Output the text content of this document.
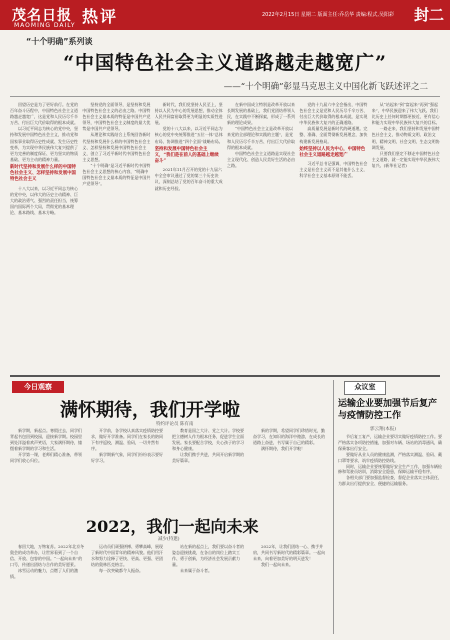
茂名日报
MAOMING DAILY 热评	2022年2月15日 星期二 版面主任:乔岳华 责编:程式,吴阳彩 封二
“十个明确”系列谈
“中国特色社会主义道路越走越宽广”
——“十个明确”彰显马克思主义中国化新飞跃述评之二

回望历史是为了更好前行。在党的百年奋斗历程中，中国特色社会主义道路越走越宽广，这是党和人民历尽千辛万苦、付出巨大代价取得的根本成就。

以习近平同志为核心的党中央，坚持和发展中国特色社会主义，推动党和国家事业取得历史性成就、发生历史性变革，为实现中华民族伟大复兴提供了更为完善的制度保证、更为坚实的物质基础、更为主动的精神力量。

新时代坚持和发展什么样的中国特色社会主义、怎样坚持和发展中国特色社会主义

十八大以来，以习近平同志为核心的党中央，以伟大的历史主动精神、巨大的政治勇气、强烈的责任担当，统筹国内国际两个大局，贯彻党的基本理论、基本路线、基本方略。

坚持党的全面领导，是坚持和发展中国特色社会主义的必由之路。中国特色社会主义最本质的特征是中国共产党领导，中国特色社会主义制度的最大优势是中国共产党领导。

从理论和实践结合上系统回答新时代坚持和发展什么样的中国特色社会主义、怎样坚持和发展中国特色社会主义，创立了习近平新时代中国特色社会主义思想。

“十个明确”是习近平新时代中国特色社会主义思想的核心内容，“明确中国特色社会主义最本质的特征是中国共产党领导”。

新时代，我们党坚持人民至上，坚持以人民为中心的发展思想，推动全体人民共同富裕取得更为明显的实质性进展。

党的十八大以来，以习近平同志为核心的党中央统筹推进“五位一体”总体布局、协调推进“四个全面”战略布局。

坚持和发展中国特色社会主义，“我们是在前人的基础上继续奋斗”

2021年11月召开的党的十九届六中全会审议通过了党的第三个历史决议，深刻总结了党的百年奋斗的重大成就和历史经验。

在新中国成立特别是改革开放以来长期发展的基础上，我们党团结带领人民，在实践中不断探索，形成了一系列新的理论成果。

“中国特色社会主义是改革开放以来党的全部理论和实践的主题”，是党和人民历尽千辛万苦、付出巨大代价取得的根本成就。

中国特色社会主义道路是实现社会主义现代化、创造人民美好生活的必由之路。

党的十九届六中全会指出，中国特色社会主义是党和人民历尽千辛万苦、付出巨大代价取得的根本成就，是实现中华民族伟大复兴的正确道路。

高质量发展是新时代的硬道理。完整、准确、全面贯彻新发展理念，加快构建新发展格局。

始终坚持以人民为中心，中国特色社会主义道路越走越宽广

习近平总书记强调，中国特色社会主义是社会主义而不是其他什么主义，科学社会主义基本原则不能丢。

从“站起来”到“富起来”再到“强起来”，中华民族迎来了伟大飞跃。我们比历史上任何时期都更接近、更有信心和能力实现中华民族伟大复兴的目标。

一路走来，我们坚持和发展中国特色社会主义，推动物质文明、政治文明、精神文明、社会文明、生态文明协调发展。

只要我们坚定不移走中国特色社会主义道路，就一定能实现中华民族伟大复兴。(新华社记者)

今日观察
满怀期待，我们开学啦
特约评论员 陈有南

新学期，新起点。寒假过去，同学们背起书包回到校园，迎接新学期。校园里到处洋溢着欢声笑语，大家满怀期待，憧憬着新学期的学习和生活。

开学第一课，老师们精心准备，带领同学们收心归位。

开学前，各学校认真落实疫情防控要求，做好开学准备。同学们在家长的陪同下有序返校，测温、验码，一切井然有序。

新学期新气象，同学们纷纷表示要好好学习。

教育是国之大计、党之大计。学校要把立德树人作为根本任务，促进学生全面发展。家长要配合学校，关心孩子的学习和身心健康。

让我们携手共进，共同开启新学期的美好篇章。

新的学期，希望同学们珍惜时光，勤奋学习，在知识的海洋中遨游，在成长的道路上奋进，书写属于自己的精彩。

满怀期待，我们开学啦！

2022，我们一起向未来
减少(特邀)

春回大地，万物复苏。2022年北京冬奥会的成功举办，让世界看到了一个自信、开放、包容的中国。“一起向未来”的口号，传递出团结与合作的美好愿景。

冰雪运动的魅力，点燃了人们的激情。

运动员们顽强拼搏、勇攀高峰，展现了新时代中国青年的精神风貌。他们用汗水和努力诠释了更快、更高、更强、更团结的奥林匹克格言。

每一次突破都令人振奋。

站在新的起点上，我们要以奋斗者的姿态迎接挑战，在各自的岗位上踏实工作、勇于创新，为经济社会发展贡献力量。

未来属于奋斗者。

2022年，让我们团结一心、携手并肩，共同书写新时代的精彩篇章。一起向未来，向着更加美好的明天进发！

我们一起向未来。

众议室
运输企业要加强节后复产与疫情防控工作
郭云翔(本报)

节后复工复产，运输企业要切实做好疫情防控工作。要严格落实各项防控措施，加强对车辆、场站的消毒通风，确保乘客出行安全。

要做好从业人员的健康监测，严格落实测温、验码、戴口罩等要求，筑牢疫情防控防线。

同时，运输企业要统筹做好安全生产工作，加强车辆检修和驾驶员培训，消除安全隐患，保障运输平稳有序。

各相关部门要加强监督检查，督促企业落实主体责任，为群众出行提供安全、便捷的运输服务。
